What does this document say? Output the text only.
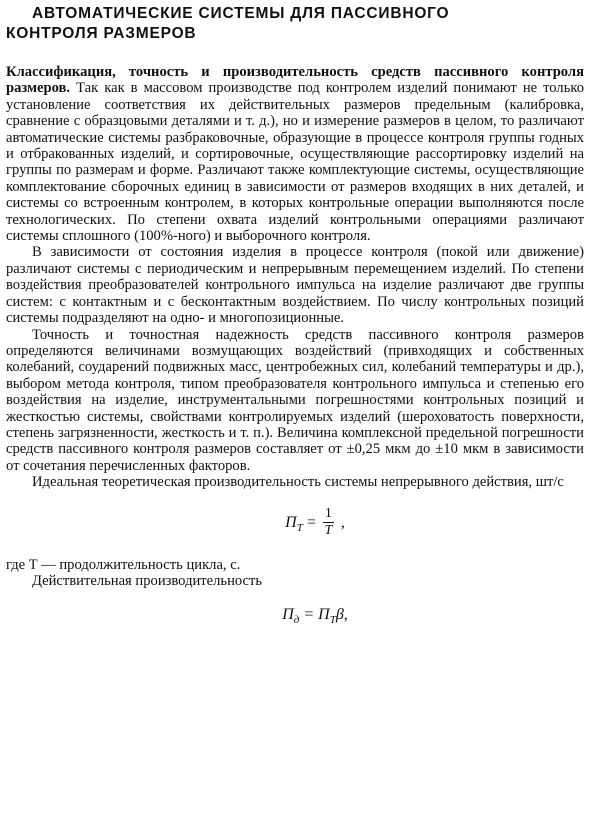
АВТОМАТИЧЕСКИЕ СИСТЕМЫ ДЛЯ ПАССИВНОГО
КОНТРОЛЯ РАЗМЕРОВ

Классификация, точность и производительность средств пассивного контроля размеров. Так как в массовом производстве под контролем изделий понимают не только установление соответствия их действительных размеров предельным (калибровка, сравнение с образцовыми деталями и т. д.), но и измерение размеров в целом, то различают автоматические системы разбраковочные, образующие в процессе контроля группы годных и отбракованных изделий, и сортировочные, осуществляющие рассортировку изделий на группы по размерам и форме. Различают также комплектующие системы, осуществляющие комплектование сборочных единиц в зависимости от размеров входящих в них деталей, и системы со встроенным контролем, в которых контрольные операции выполняются после технологических. По степени охвата изделий контрольными операциями различают системы сплошного (100%-ного) и выборочного контроля.

В зависимости от состояния изделия в процессе контроля (покой или движение) различают системы с периодическим и непрерывным перемещением изделий. По степени воздействия преобразователей контрольного импульса на изделие различают две группы систем: с контактным и с бесконтактным воздействием. По числу контрольных позиций системы подразделяют на одно- и многопозиционные.

Точность и точностная надежность средств пассивного контроля размеров определяются величинами возмущающих воздействий (привходящих и собственных колебаний, соударений подвижных масс, центробежных сил, колебаний температуры и др.), выбором метода контроля, типом преобразователя контрольного импульса и степенью его воздействия на изделие, инструментальными погрешностями контрольных позиций и жесткостью системы, свойствами контролируемых изделий (шероховатость поверхности, степень загрязненности, жесткость и т. п.). Величина комплексной предельной погрешности средств пассивного контроля размеров составляет от ±0,25 мкм до ±10 мкм в зависимости от сочетания перечисленных факторов.

Идеальная теоретическая производительность системы непрерывного действия, шт/с

$П_Т = \frac{1}{T}$ ,

где T — продолжительность цикла, с.

Действительная производительность

$П_д = П_Т\beta$,
